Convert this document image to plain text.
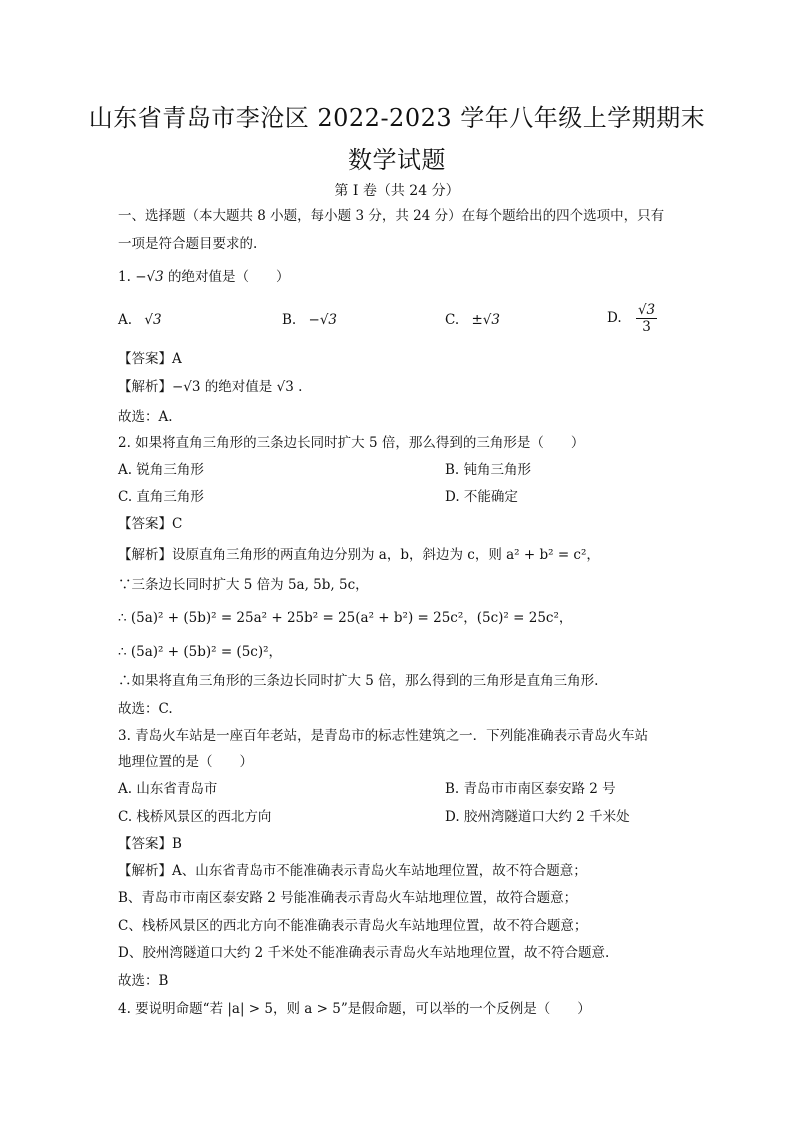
山东省青岛市李沧区 2022-2023 学年八年级上学期期末
数学试题
第 I 卷（共 24 分）
一、选择题（本大题共 8 小题，每小题 3 分，共 24 分）在每个题给出的四个选项中，只有
一项是符合题目要求的.
1. −√3 的绝对值是（　　）
A. √3	B. −√3	C. ±√3	D. $\frac{√3}{3}$
【答案】A
【解析】−√3 的绝对值是 √3 .
故选：A.
2. 如果将直角三角形的三条边长同时扩大 5 倍，那么得到的三角形是（　　）
A. 锐角三角形	B. 钝角三角形
C. 直角三角形	D. 不能确定
【答案】C
【解析】设原直角三角形的两直角边分别为 a，b，斜边为 c，则 a² + b² = c²，
∵三条边长同时扩大 5 倍为 5a, 5b, 5c，
∴ (5a)² + (5b)² = 25a² + 25b² = 25(a² + b²) = 25c²，(5c)² = 25c²，
∴ (5a)² + (5b)² = (5c)²，
∴如果将直角三角形的三条边长同时扩大 5 倍，那么得到的三角形是直角三角形.
故选：C.
3. 青岛火车站是一座百年老站，是青岛市的标志性建筑之一．下列能准确表示青岛火车站
地理位置的是（　　）
A. 山东省青岛市	B. 青岛市市南区泰安路 2 号
C. 栈桥风景区的西北方向	D. 胶州湾隧道口大约 2 千米处
【答案】B
【解析】A、山东省青岛市不能准确表示青岛火车站地理位置，故不符合题意；
B、青岛市市南区泰安路 2 号能准确表示青岛火车站地理位置，故符合题意；
C、栈桥风景区的西北方向不能准确表示青岛火车站地理位置，故不符合题意；
D、胶州湾隧道口大约 2 千米处不能准确表示青岛火车站地理位置，故不符合题意.
故选：B
4. 要说明命题“若 |a| > 5，则 a > 5”是假命题，可以举的一个反例是（　　）
